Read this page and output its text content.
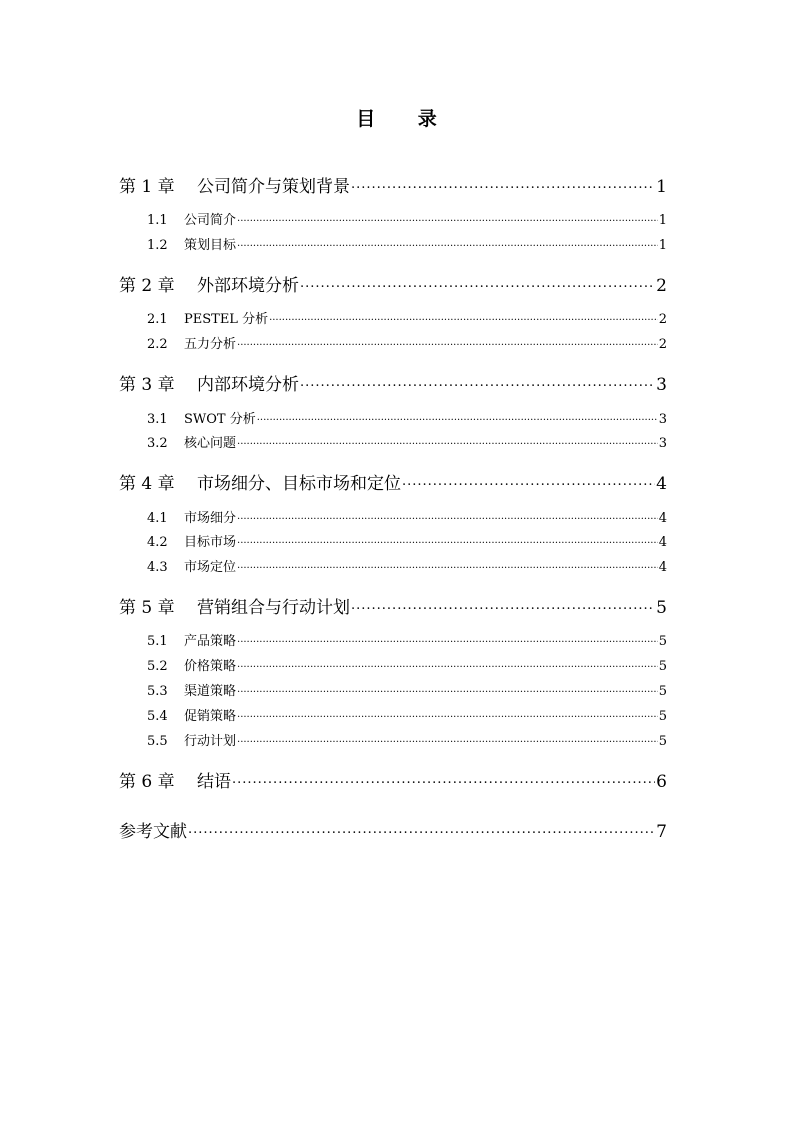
目 录
第 1 章	公司简介与策划背景 .....	1
1.1	公司简介 .....	1
1.2	策划目标 .....	1
第 2 章	外部环境分析 .....	2
2.1	PESTEL 分析 .....	2
2.2	五力分析 .....	2
第 3 章	内部环境分析 .....	3
3.1	SWOT 分析 .....	3
3.2	核心问题 .....	3
第 4 章	市场细分、目标市场和定位 .....	4
4.1	市场细分 .....	4
4.2	目标市场 .....	4
4.3	市场定位 .....	4
第 5 章	营销组合与行动计划 .....	5
5.1	产品策略 .....	5
5.2	价格策略 .....	5
5.3	渠道策略 .....	5
5.4	促销策略 .....	5
5.5	行动计划 .....	5
第 6 章	结语 .....	6
参考文献 .....	7
